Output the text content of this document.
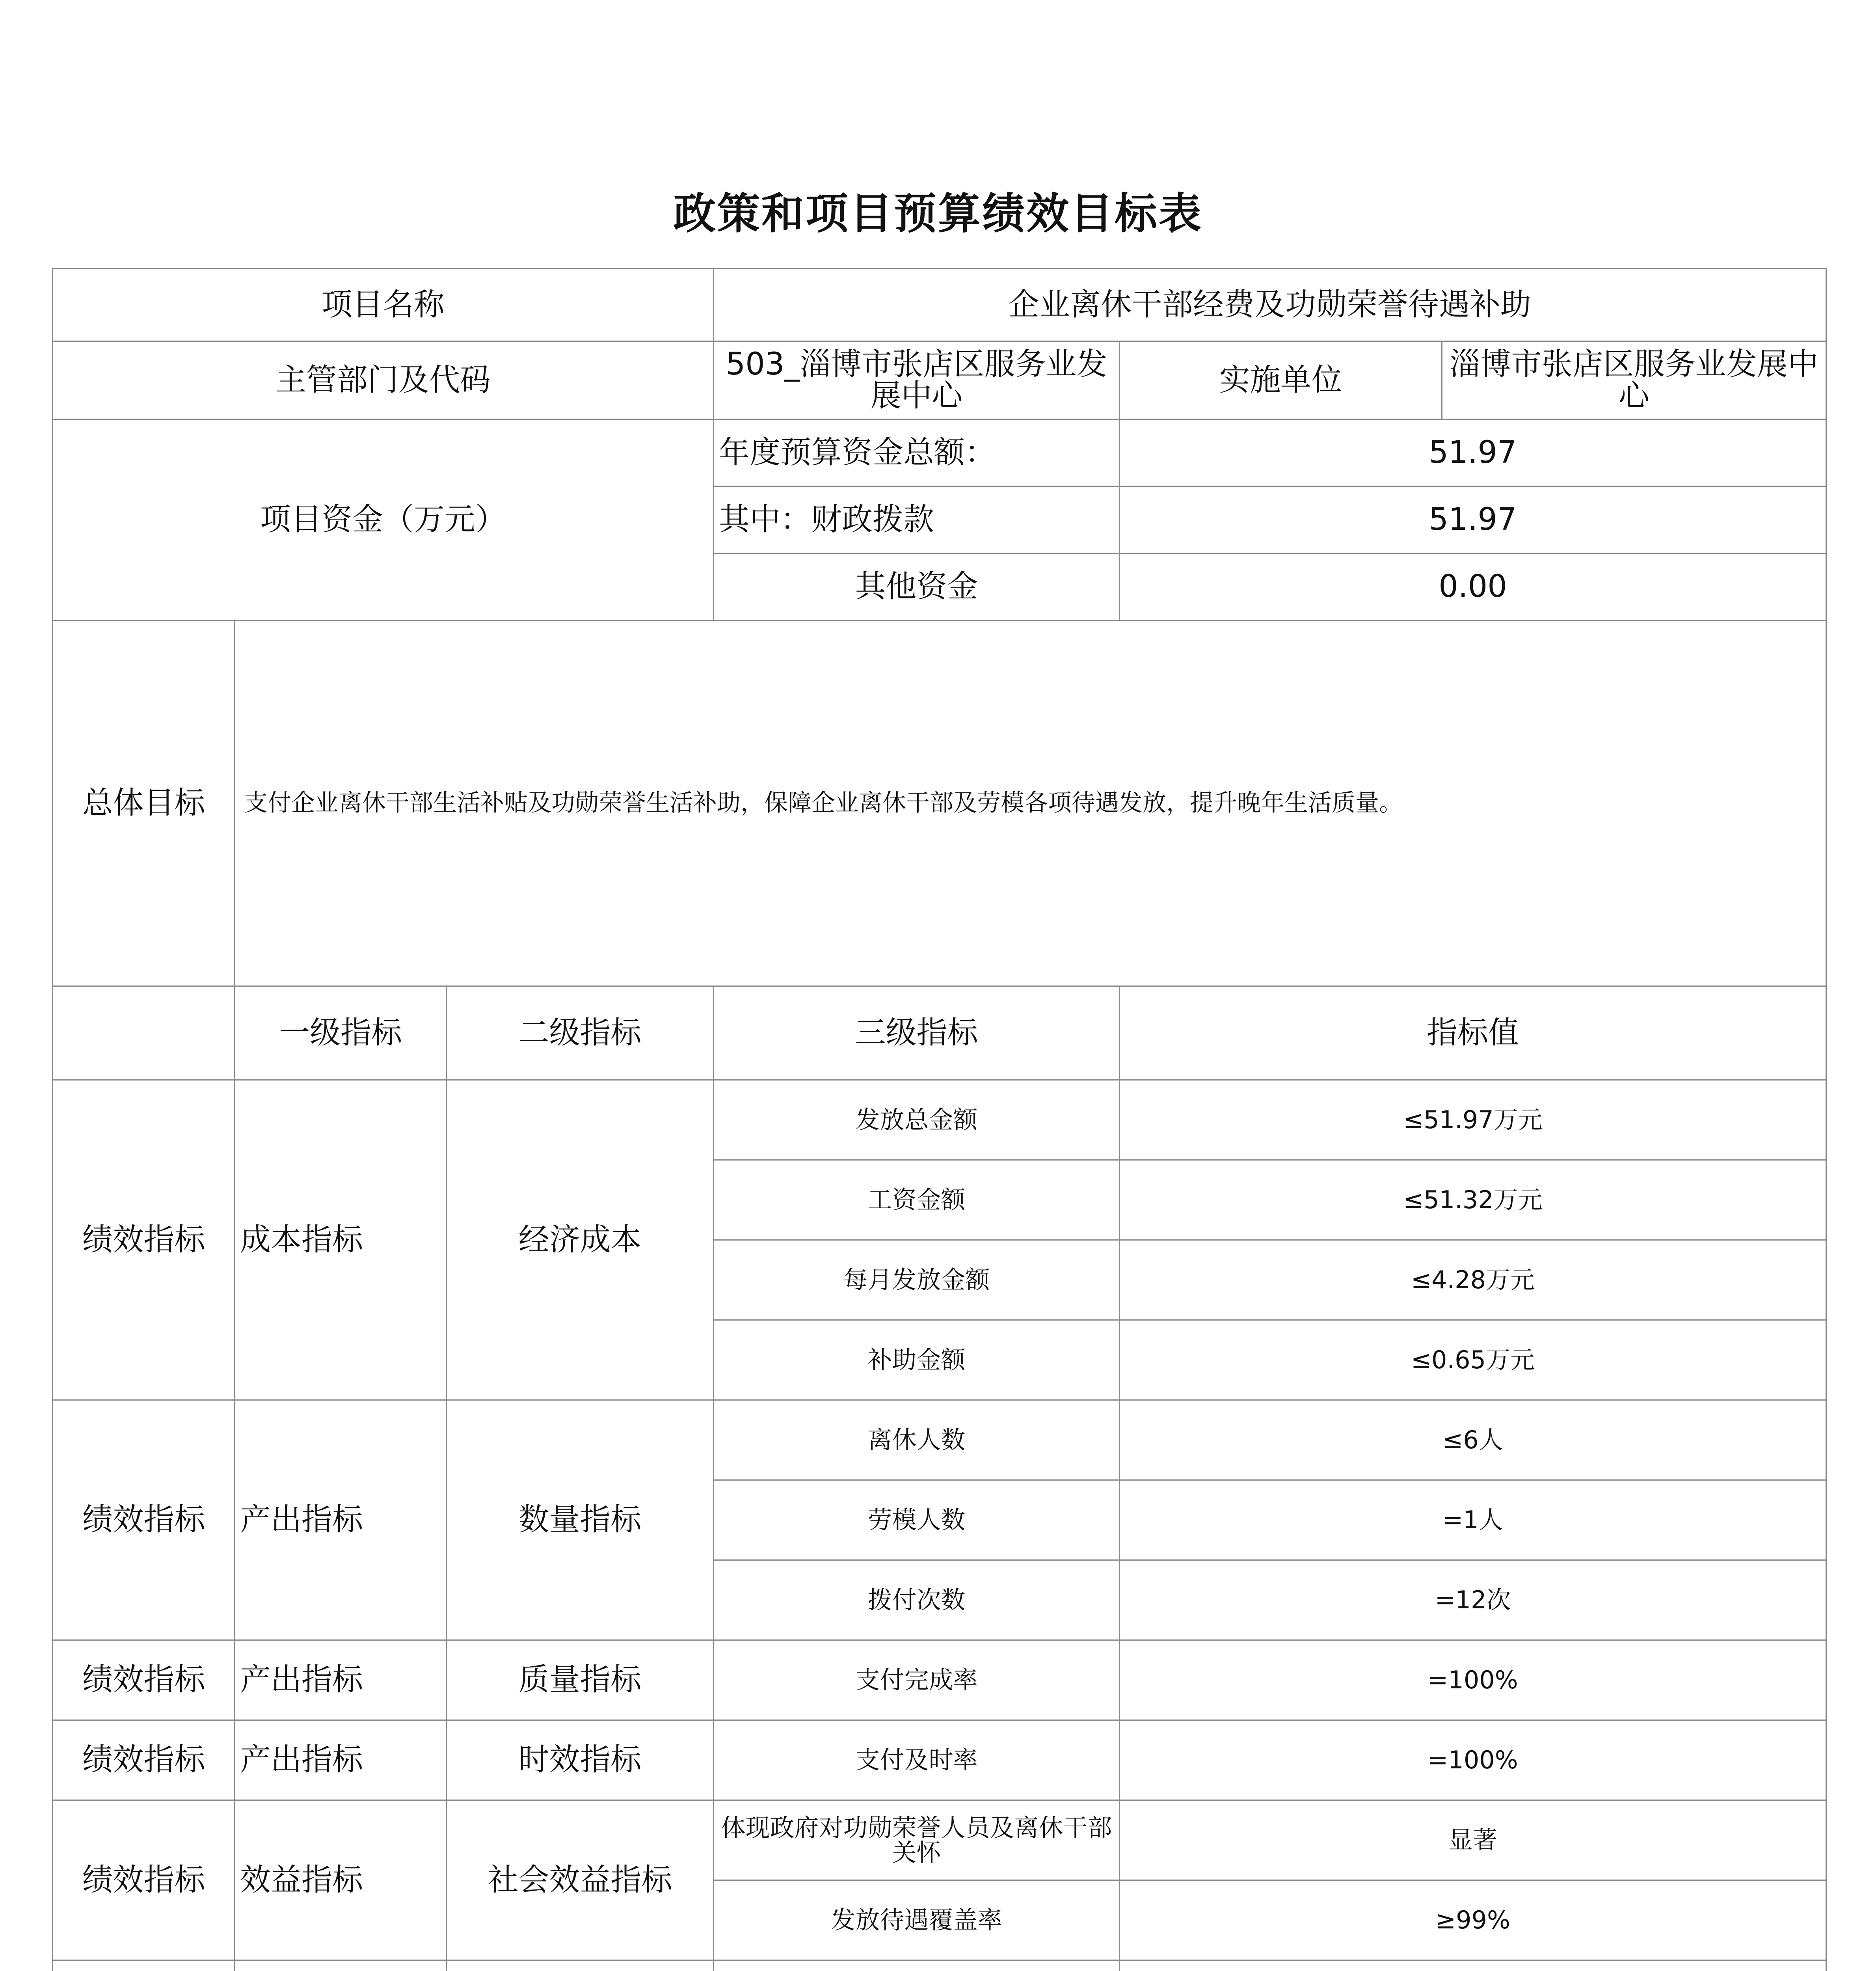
政策和项目预算绩效目标表
项目名称			企业离休干部经费及功勋荣誉待遇补助		
主管部门及代码			503_淄博市张店区服务业发展中心	实施单位	淄博市张店区服务业发展中心
项目资金（万元）			年度预算资金总额：	51.97	
			其中：财政拨款	51.97	
			其他资金	0.00	
总体目标	支付企业离休干部生活补贴及功勋荣誉生活补助，保障企业离休干部及劳模各项待遇发放，提升晚年生活质量。				
	一级指标	二级指标	三级指标	指标值	
绩效指标	成本指标	经济成本	发放总金额	≤51.97万元	
			工资金额	≤51.32万元	
			每月发放金额	≤4.28万元	
			补助金额	≤0.65万元	
绩效指标	产出指标	数量指标	离休人数	≤6人	
			劳模人数	=1人	
			拨付次数	=12次	
绩效指标	产出指标	质量指标	支付完成率	=100%	
绩效指标	产出指标	时效指标	支付及时率	=100%	
绩效指标	效益指标	社会效益指标	体现政府对功勋荣誉人员及离休干部关怀	显著	
			发放待遇覆盖率	≥99%	
